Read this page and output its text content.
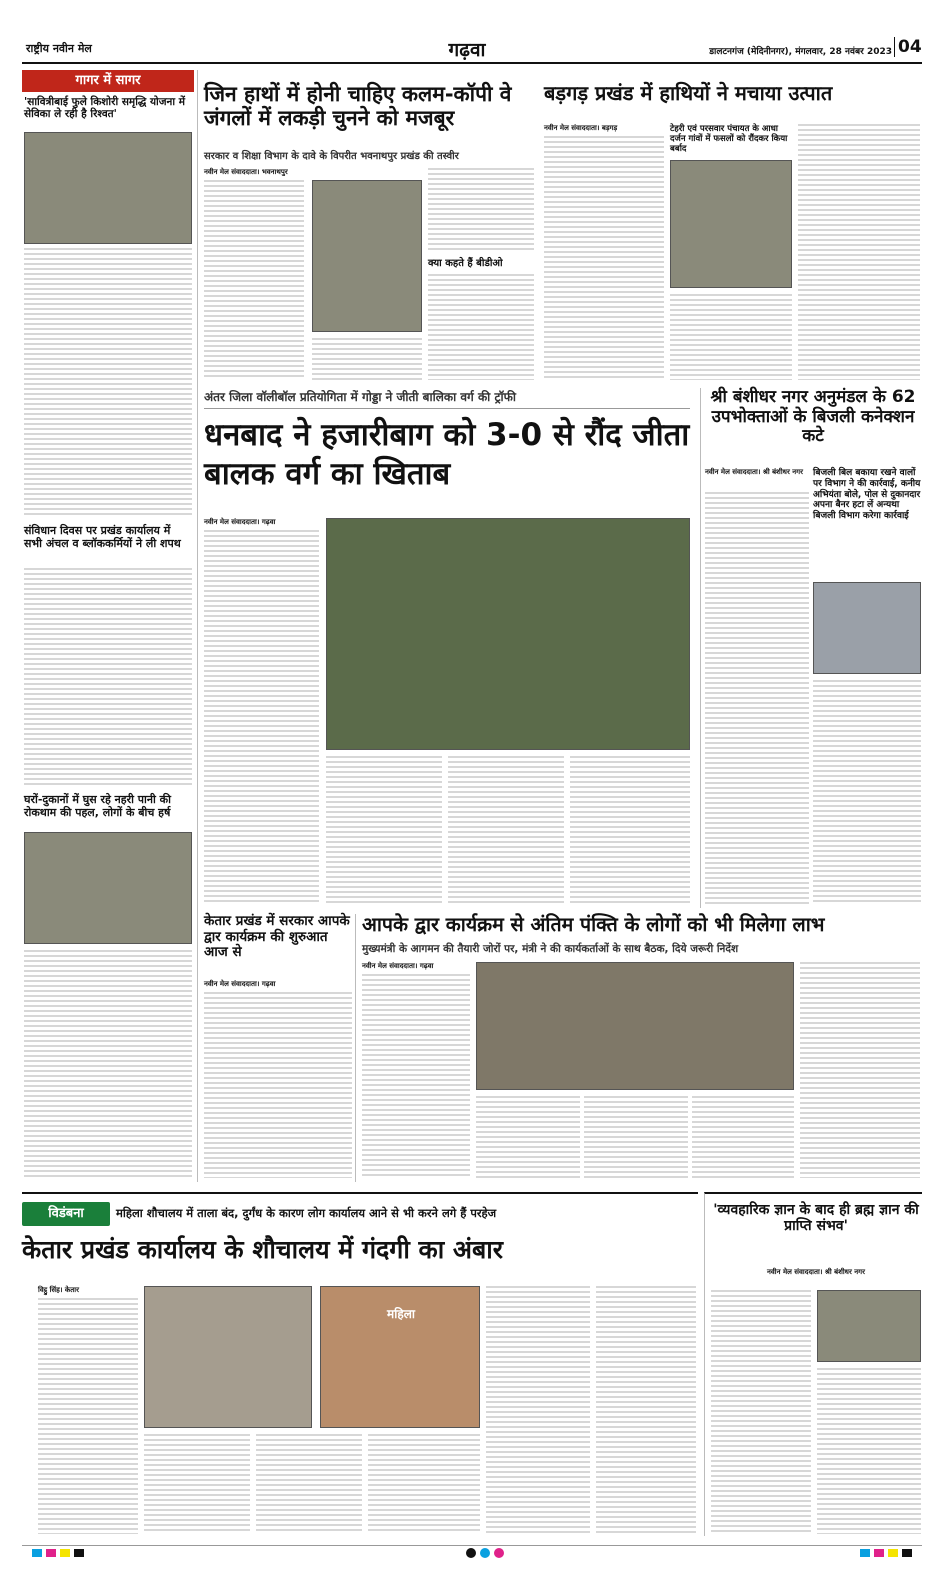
राष्ट्रीय नवीन मेल	गढ़वा	डालटनगंज (मेदिनीनगर), मंगलवार, 28 नवंबर 2023 04
गागर में सागर
'सावित्रीबाई फुले किशोरी समृद्धि योजना में सेविका ले रही है रिश्वत'
संविधान दिवस पर प्रखंड कार्यालय में सभी अंचल व ब्लॉककर्मियों ने ली शपथ
घरों-दुकानों में घुस रहे नहरी पानी की रोकथाम की पहल, लोगों के बीच हर्ष
जिन हाथों में होनी चाहिए कलम-कॉपी वे जंगलों में लकड़ी चुनने को मजबूर
सरकार व शिक्षा विभाग के दावे के विपरीत भवनाथपुर प्रखंड की तस्वीर
नवीन मेल संवाददाता। भवनाथपुर
क्या कहते हैं बीडीओ
बड़गड़ प्रखंड में हाथियों ने मचाया उत्पात
नवीन मेल संवाददाता। बड़गड़	टेहरी एवं परसवार पंचायत के आधा दर्जन गांवों में फसलों को रौंदकर किया बर्बाद
अंतर जिला वॉलीबॉल प्रतियोगिता में गोड्डा ने जीती बालिका वर्ग की ट्रॉफी
धनबाद ने हजारीबाग को 3-0 से रौंद जीता बालक वर्ग का खिताब
नवीन मेल संवाददाता। गढ़वा
श्री बंशीधर नगर अनुमंडल के 62 उपभोक्ताओं के बिजली कनेक्शन कटे
नवीन मेल संवाददाता। श्री बंशीधर नगर	बिजली बिल बकाया रखने वालों पर विभाग ने की कार्रवाई, कनीय अभियंता बोले, पोल से दुकानदार अपना बैनर हटा लें अन्यथा बिजली विभाग करेगा कार्रवाई
केतार प्रखंड में सरकार आपके द्वार कार्यक्रम की शुरुआत आज से
नवीन मेल संवाददाता। गढ़वा
आपके द्वार कार्यक्रम से अंतिम पंक्ति के लोगों को भी मिलेगा लाभ
मुख्यमंत्री के आगमन की तैयारी जोरों पर, मंत्री ने की कार्यकर्ताओं के साथ बैठक, दिये जरूरी निर्देश
नवीन मेल संवाददाता। गढ़वा
विडंबना	महिला शौचालय में ताला बंद, दुर्गंध के कारण लोग कार्यालय आने से भी करने लगे हैं परहेज
केतार प्रखंड कार्यालय के शौचालय में गंदगी का अंबार
विट्ठु सिंह। केतार
महिला
'व्यवहारिक ज्ञान के बाद ही ब्रह्म ज्ञान की प्राप्ति संभव'
नवीन मेल संवाददाता। श्री बंशीधर नगर
